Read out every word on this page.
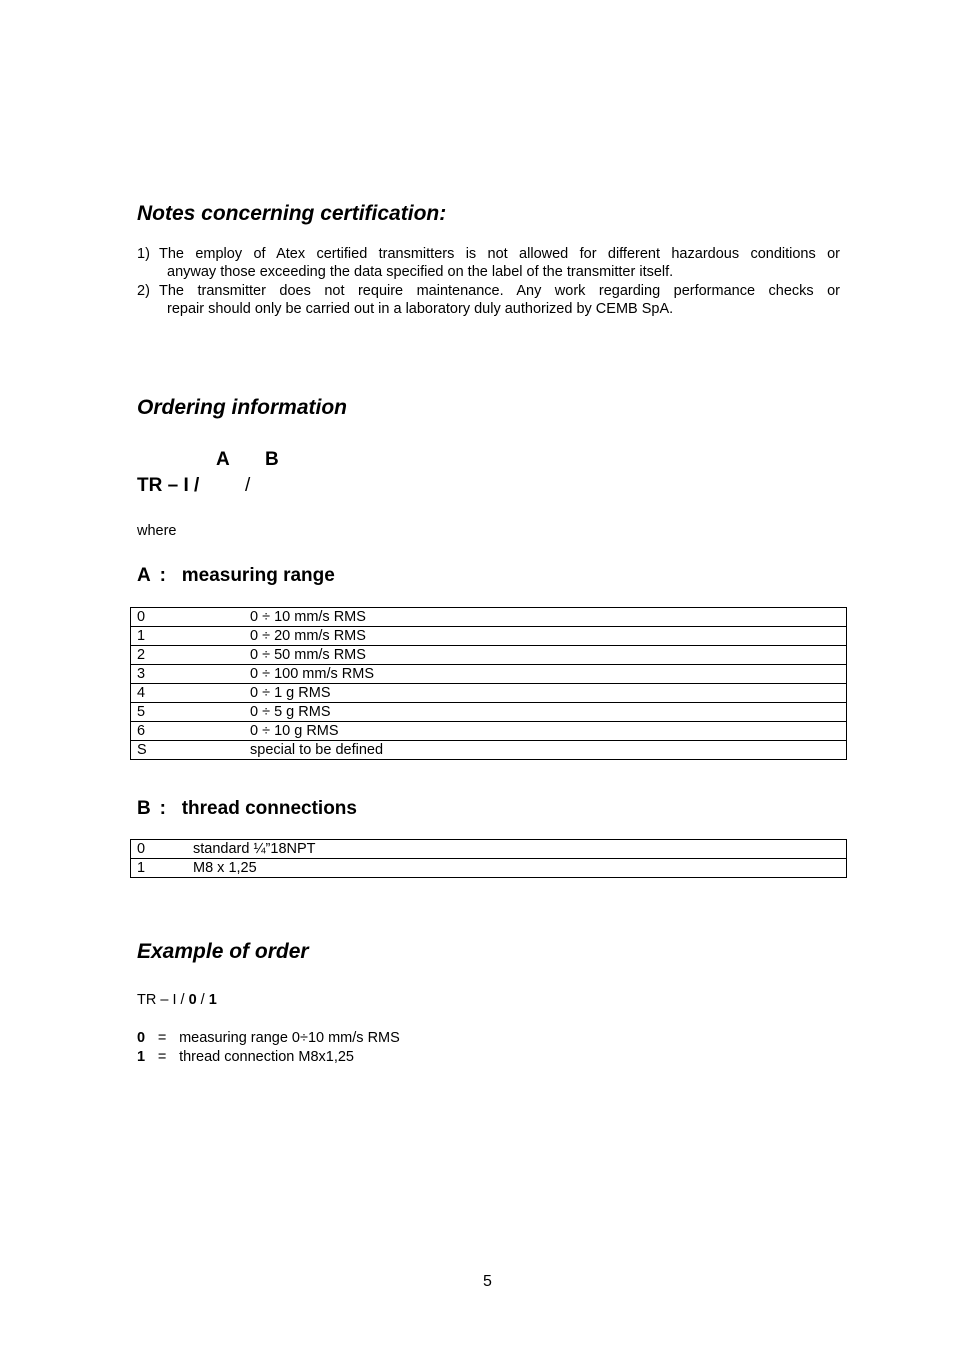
Notes concerning certification:
1) The employ of Atex certified transmitters is not allowed for different hazardous conditions or
anyway those exceeding the data specified on the label of the transmitter itself.
2) The transmitter does not require maintenance. Any work regarding performance checks or
repair should only be carried out in a laboratory duly authorized by CEMB SpA.
Ordering information
A B
TR – I / /
where
A : measuring range
0	0 ÷ 10 mm/s RMS
1	0 ÷ 20 mm/s RMS
2	0 ÷ 50 mm/s RMS
3	0 ÷ 100 mm/s RMS
4	0 ÷ 1 g RMS
5	0 ÷ 5 g RMS
6	0 ÷ 10 g RMS
S	special to be defined
B : thread connections
0	standard ¼”18NPT
1	M8 x 1,25
Example of order
TR – I / 0 / 1
0 = measuring range 0÷10 mm/s RMS
1 = thread connection M8x1,25
5
